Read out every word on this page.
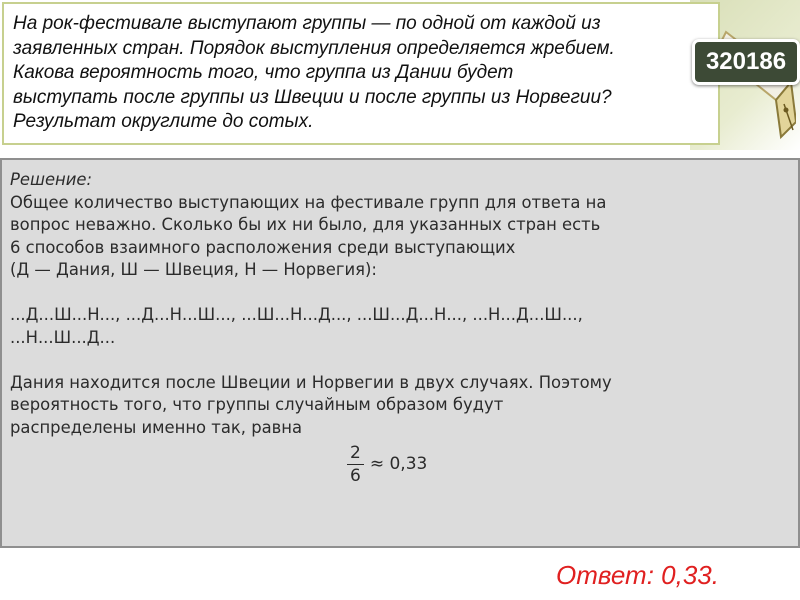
На рок-фестивале выступают группы — по одной от каждой из
заявленных стран. Порядок выступления определяется жребием.
Какова вероятность того, что группа из Дании будет
выступать после группы из Швеции и после группы из Норвегии?
Результат округлите до сотых.
320186
Решение:
Общее количество выступающих на фестивале групп для ответа на
вопрос неважно. Сколько бы их ни было, для указанных стран есть
6 способов взаимного расположения среди выступающих
(Д — Дания, Ш — Швеция, Н — Норвегия):
...Д...Ш...Н..., ...Д...Н...Ш..., ...Ш...Н...Д..., ...Ш...Д...Н..., ...Н...Д...Ш...,
...Н...Ш...Д...
Дания находится после Швеции и Норвегии в двух случаях. Поэтому
вероятность того, что группы случайным образом будут
распределены именно так, равна
$\frac{2}{6} \approx 0,33$
Ответ: 0,33.
